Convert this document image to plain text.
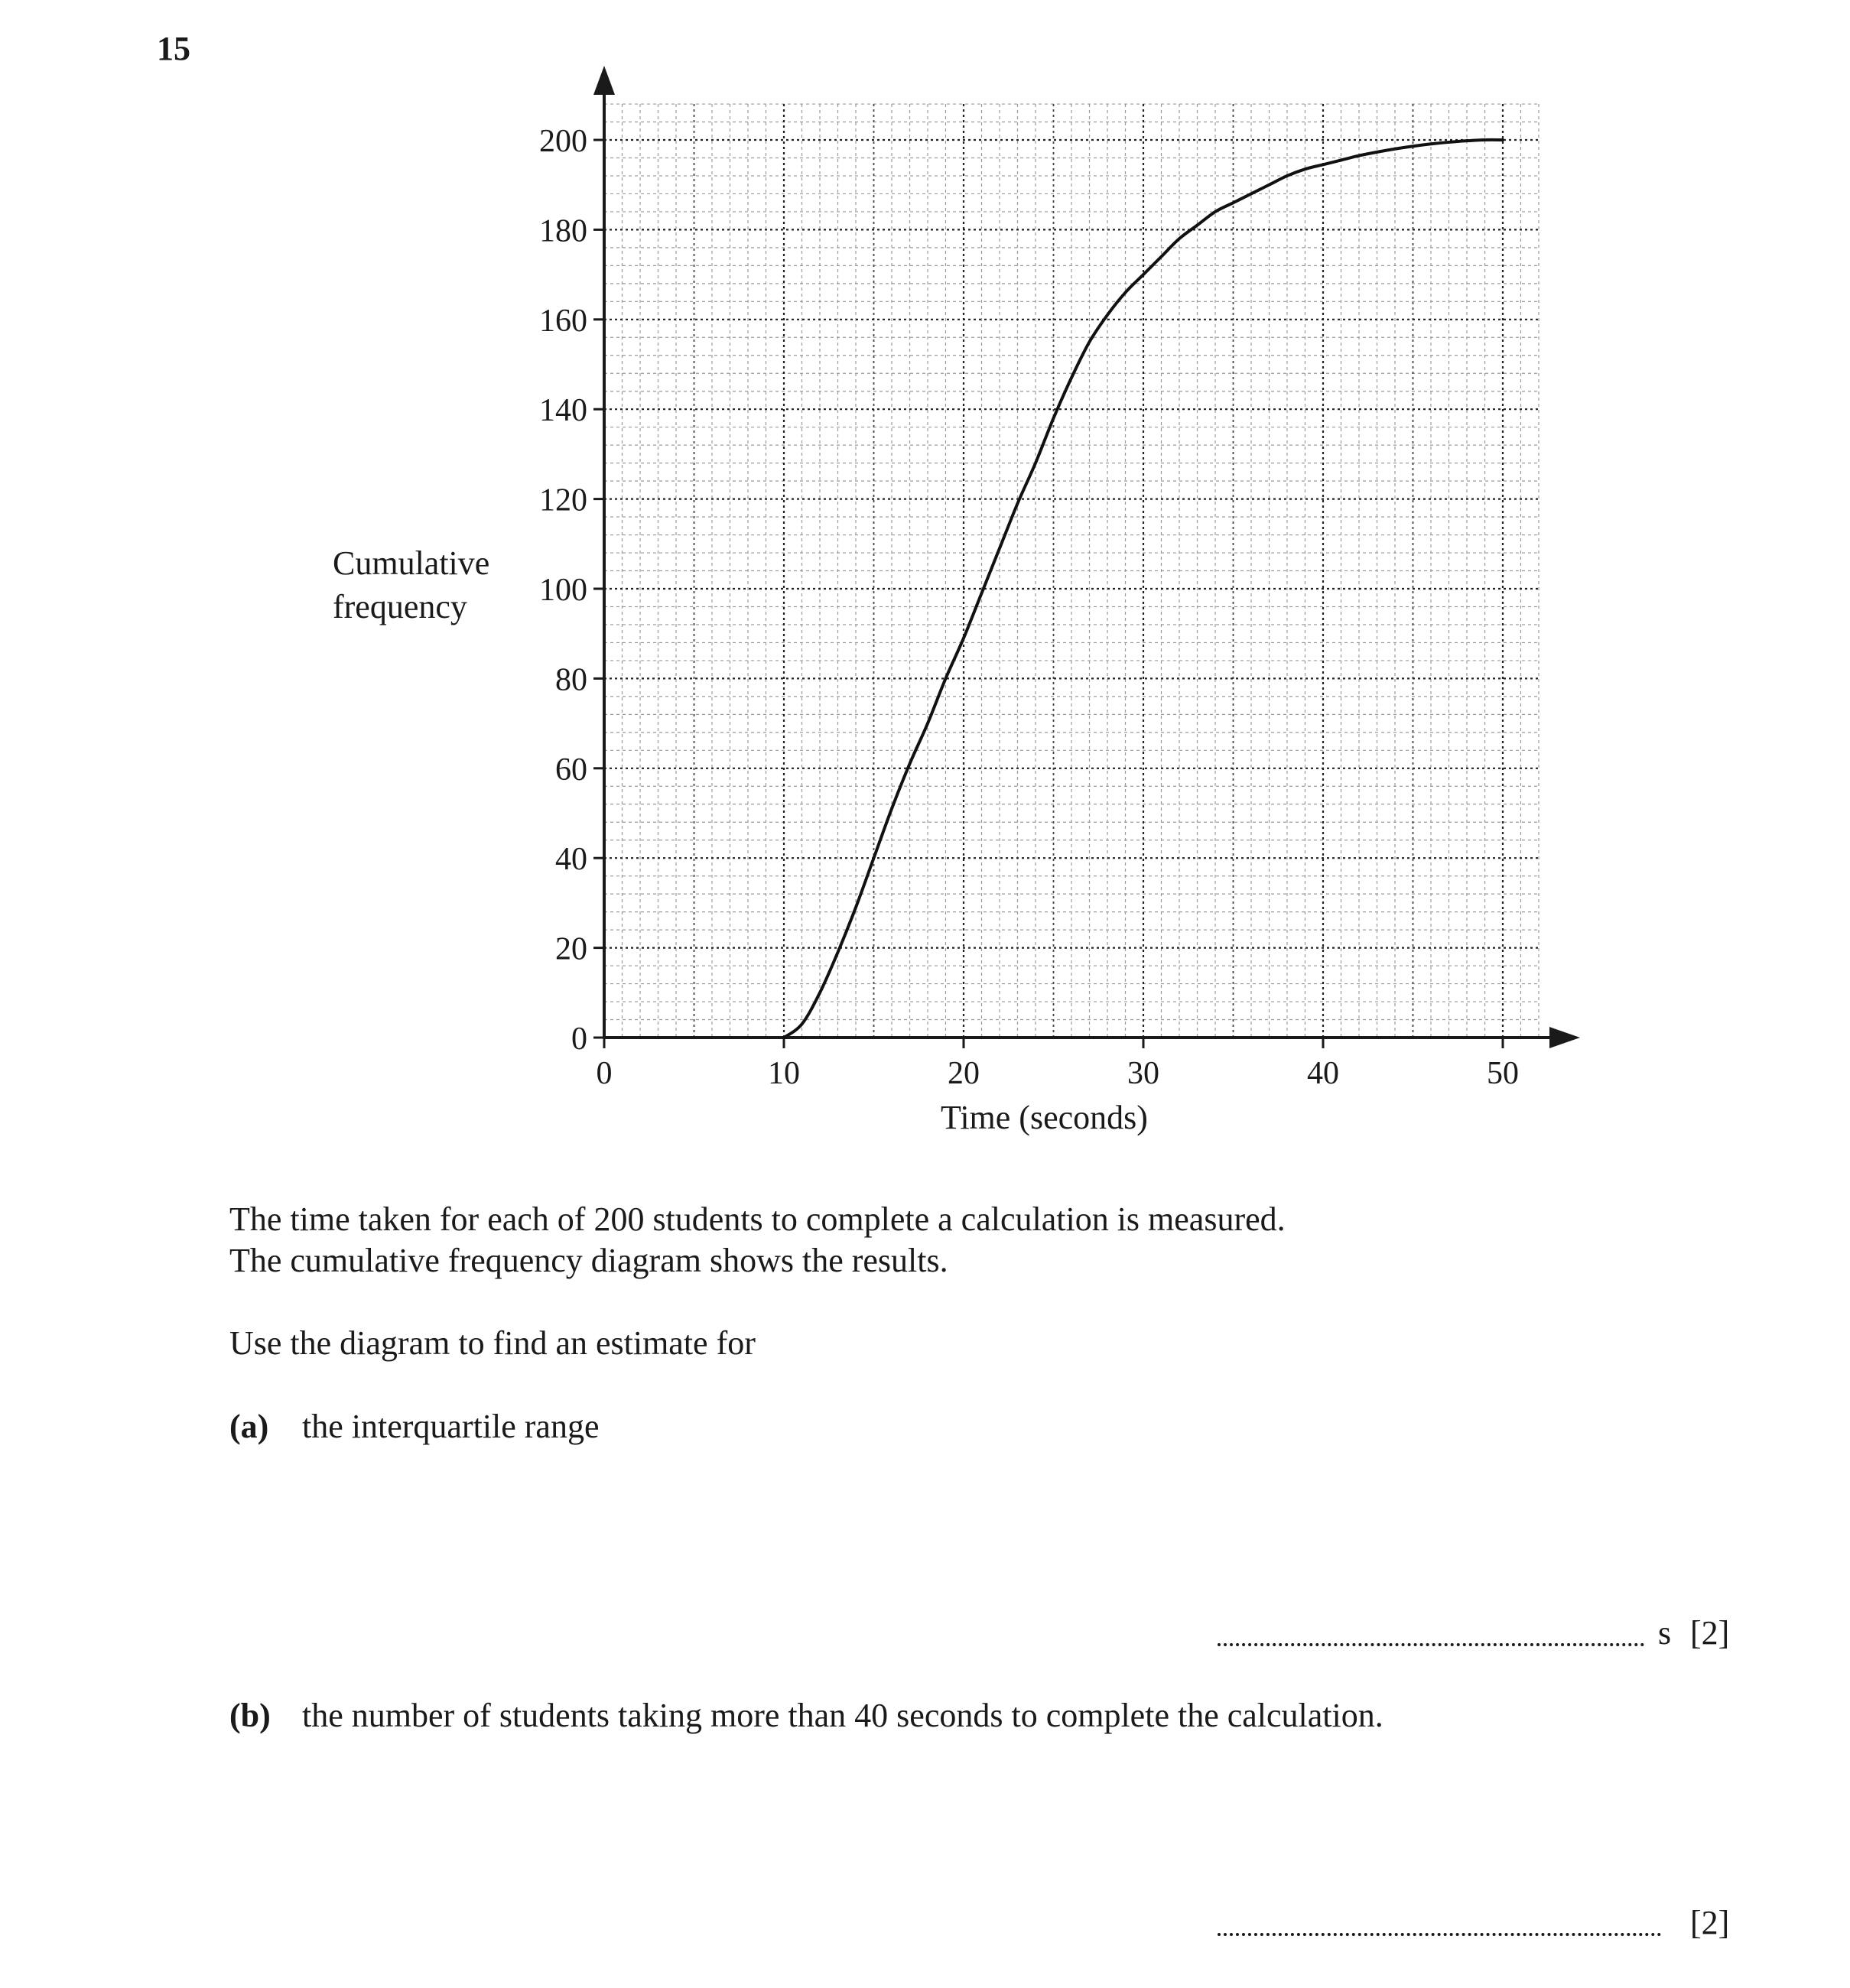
15
0
20
40
60
80
100
120
140
160
180
200
0	10	20	30	40	50
Cumulative
frequency
Time (seconds)
The time taken for each of 200 students to complete a calculation is measured.
The cumulative frequency diagram shows the results.
Use the diagram to find an estimate for
(a) the interquartile range
s [2]
(b) the number of students taking more than 40 seconds to complete the calculation.
[2]
